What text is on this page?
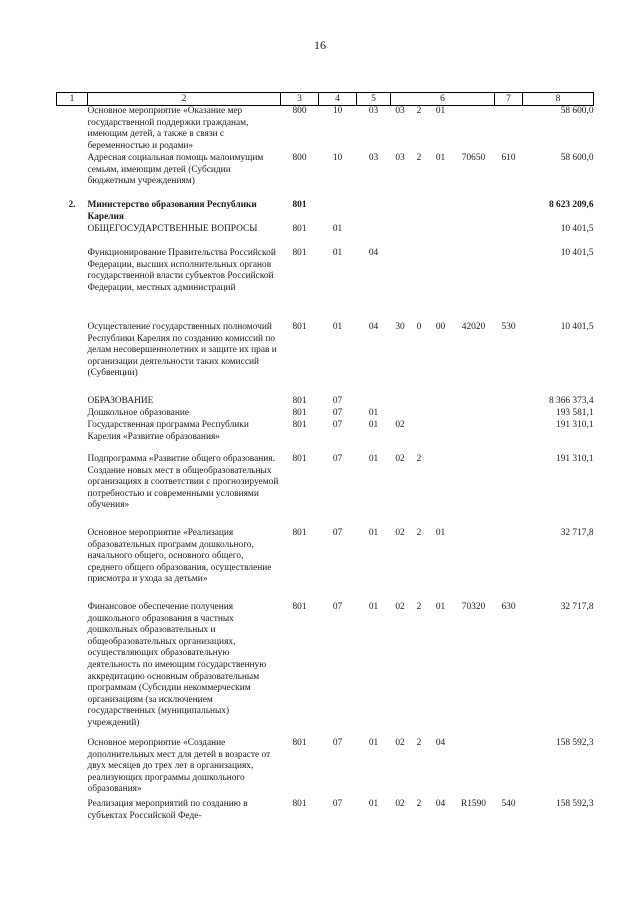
16
1	2	3	4	5	6				7	8
	Основное мероприятие «Оказание мер государственной поддержки гражданам, имеющим детей, а также в связи с беременностью и родами»	800	10	03	03	2	01			58 600,0
	Адресная социальная помощь малоимущим семьям, имеющим детей (Субсидии бюджетным учреждениям)	800	10	03	03	2	01	70650	610	58 600,0
2.	Министерство образования Республики Карелия	801								8 623 209,6
	ОБЩЕГОСУДАРСТВЕННЫЕ ВОПРОСЫ	801	01							10 401,5
	Функционирование Правительства Российской Федерации, высших исполнительных органов государственной власти субъектов Российской Федерации, местных администраций	801	01	04						10 401,5
	Осуществление государственных полномочий Республики Карелия по созданию комиссий по делам несовершеннолетних и защите их прав и организации деятельности таких комиссий (Субвенции)	801	01	04	30	0	00	42020	530	10 401,5
	ОБРАЗОВАНИЕ	801	07							8 366 373,4
	Дошкольное образование	801	07	01						193 581,1
	Государственная программа Республики Карелия «Развитие образования»	801	07	01	02					191 310,1
	Подпрограмма «Развитие общего образования. Создание новых мест в общеобразовательных организациях в соответствии с прогнозируемой потребностью и современными условиями обучения»	801	07	01	02	2				191 310,1
	Основное мероприятие «Реализация образовательных программ дошкольного, начального общего, основного общего, среднего общего образования, осуществление присмотра и ухода за детьми»	801	07	01	02	2	01			32 717,8
	Финансовое обеспечение получения дошкольного образования в частных дошкольных образовательных и общеобразовательных организациях, осуществляющих образовательную деятельность по имеющим государственную аккредитацию основным образовательным программам (Субсидии некоммерческим организациям (за исключением государственных (муниципальных) учреждений)	801	07	01	02	2	01	70320	630	32 717,8
	Основное мероприятие «Создание дополнительных мест для детей в возрасте от двух месяцев до трех лет в организациях, реализующих программы дошкольного образования»	801	07	01	02	2	04			158 592,3
	Реализация мероприятий по созданию в субъектах Российской Феде-	801	07	01	02	2	04	R1590	540	158 592,3
